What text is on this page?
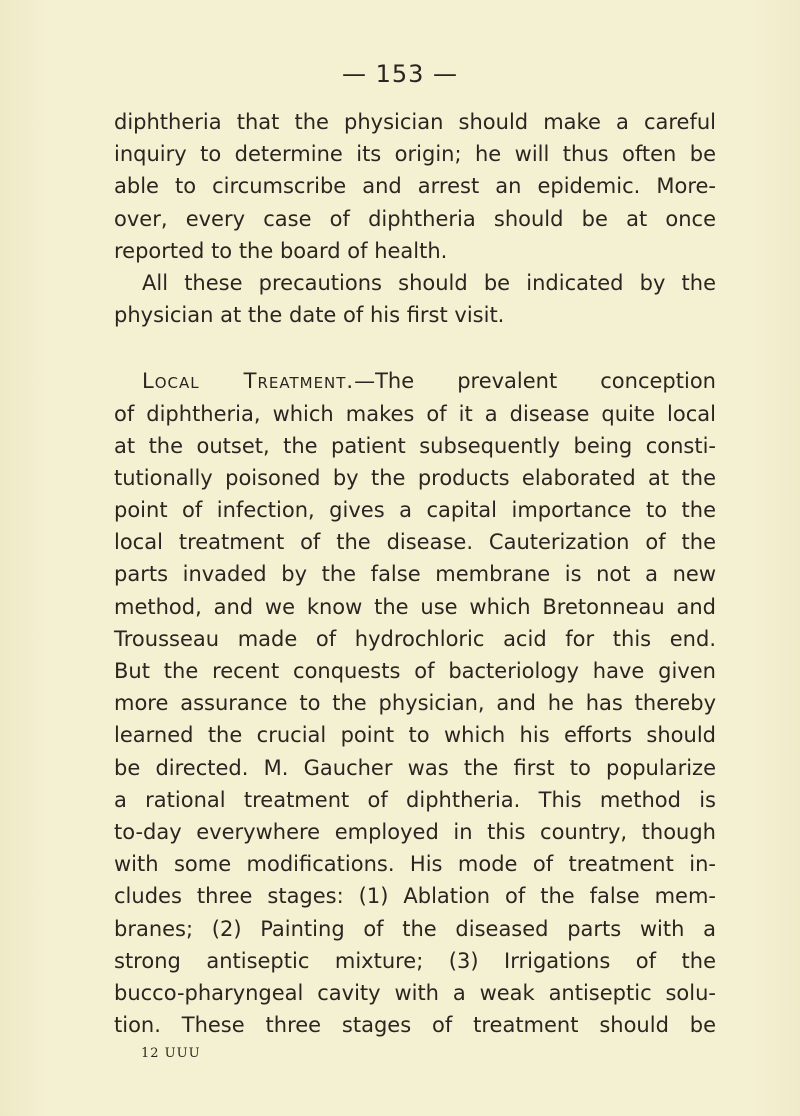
— 153 —
diphtheria that the physician should make a careful
inquiry to determine its origin; he will thus often be
able to circumscribe and arrest an epidemic. More-
over, every case of diphtheria should be at once
reported to the board of health.
All these precautions should be indicated by the
physician at the date of his first visit.
Local Treatment.—The prevalent conception
of diphtheria, which makes of it a disease quite local
at the outset, the patient subsequently being consti-
tutionally poisoned by the products elaborated at the
point of infection, gives a capital importance to the
local treatment of the disease. Cauterization of the
parts invaded by the false membrane is not a new
method, and we know the use which Bretonneau and
Trousseau made of hydrochloric acid for this end.
But the recent conquests of bacteriology have given
more assurance to the physician, and he has thereby
learned the crucial point to which his efforts should
be directed. M. Gaucher was the first to popularize
a rational treatment of diphtheria. This method is
to-day everywhere employed in this country, though
with some modifications. His mode of treatment in-
cludes three stages: (1) Ablation of the false mem-
branes; (2) Painting of the diseased parts with a
strong antiseptic mixture; (3) Irrigations of the
bucco-pharyngeal cavity with a weak antiseptic solu-
tion. These three stages of treatment should be
12 UUU
